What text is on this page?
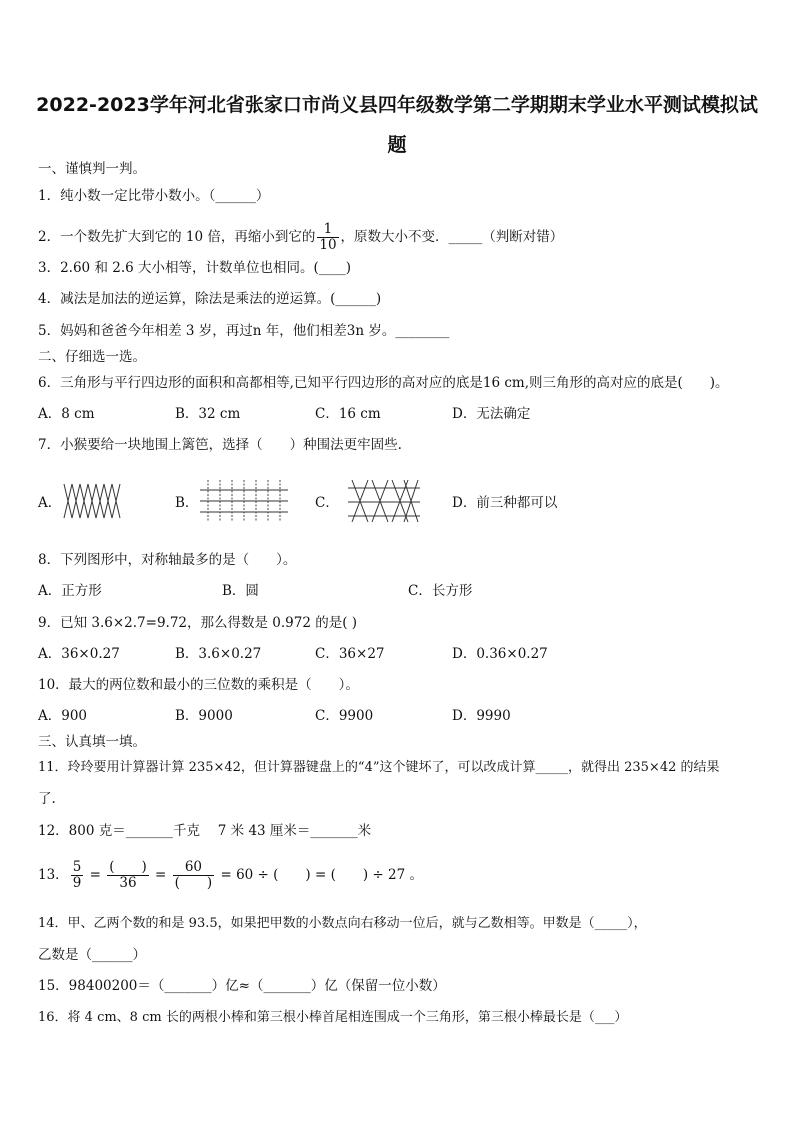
2022-2023学年河北省张家口市尚义县四年级数学第二学期期末学业水平测试模拟试
题
一、谨慎判一判。
1．纯小数一定比带小数小。（______）
2．一个数先扩大到它的 10 倍，再缩小到它的 $\frac{1}{10}$ ，原数大小不变．_____（判断对错）
3．2.60 和 2.6 大小相等，计数单位也相同。(____)
4．减法是加法的逆运算，除法是乘法的逆运算。(______)
5．妈妈和爸爸今年相差 3 岁，再过n 年，他们相差3n 岁。________
二、仔细选一选。
6．三角形与平行四边形的面积和高都相等,已知平行四边形的高对应的底是16 cm,则三角形的高对应的底是(　　)。
A．8 cm	B．32 cm	C．16 cm	D．无法确定
7．小猴要给一块地围上篱笆，选择（　　）种围法更牢固些.
A．	B．	C．	D．前三种都可以
8．下列图形中，对称轴最多的是（　　）。
A．正方形	B．圆	C．长方形
9．已知 3.6×2.7=9.72，那么得数是 0.972 的是( )
A．36×0.27	B．3.6×0.27	C．36×27	D．0.36×0.27
10．最大的两位数和最小的三位数的乘积是（　　）。
A．900	B．9000	C．9900	D．9990
三、认真填一填。
11．玲玲要用计算器计算 235×42，但计算器键盘上的“4”这个键坏了，可以改成计算_____，就得出 235×42 的结果
了.
12．800 克＝_______千克　 7 米 43 厘米＝_______米
13． $\frac{5}{9} = \frac{( )}{36} = \frac{60}{( )} = 60$ ÷ (　　) = (　　) ÷ 27 。
14．甲、乙两个数的和是 93.5，如果把甲数的小数点向右移动一位后，就与乙数相等。甲数是（_____），
乙数是（______）
15．98400200＝（_______）亿≈（_______）亿（保留一位小数）
16．将 4 cm、8 cm 长的两根小棒和第三根小棒首尾相连围成一个三角形，第三根小棒最长是（___）
